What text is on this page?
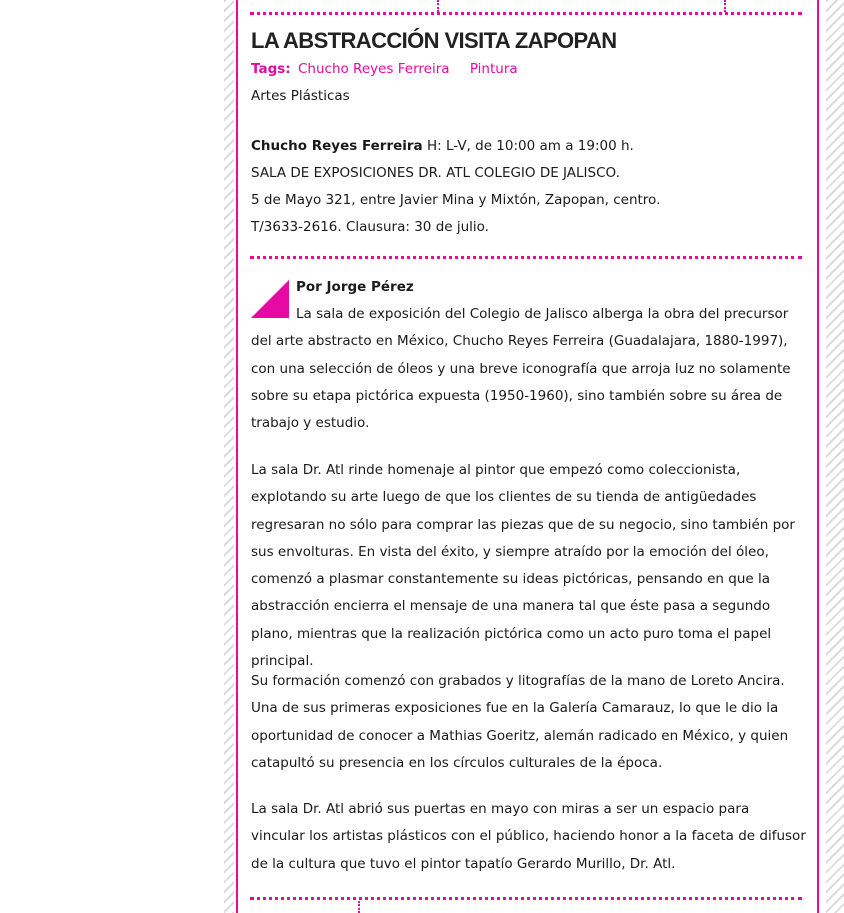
LA ABSTRACCIÓN VISITA ZAPOPAN
Tags: Chucho Reyes Ferreira Pintura
Artes Plásticas
Chucho Reyes Ferreira H: L-V, de 10:00 am a 19:00 h.
SALA DE EXPOSICIONES DR. ATL COLEGIO DE JALISCO.
5 de Mayo 321, entre Javier Mina y Mixtón, Zapopan, centro.
T/3633-2616. Clausura: 30 de julio.
Por Jorge Pérez

La sala de exposición del Colegio de Jalisco alberga la obra del precursor del arte abstracto en México, Chucho Reyes Ferreira (Guadalajara, 1880-1997), con una selección de óleos y una breve iconografía que arroja luz no solamente sobre su etapa pictórica expuesta (1950-1960), sino también sobre su área de trabajo y estudio.

La sala Dr. Atl rinde homenaje al pintor que empezó como coleccionista, explotando su arte luego de que los clientes de su tienda de antigüedades regresaran no sólo para comprar las piezas que de su negocio, sino también por sus envolturas. En vista del éxito, y siempre atraído por la emoción del óleo, comenzó a plasmar constantemente su ideas pictóricas, pensando en que la abstracción encierra el mensaje de una manera tal que éste pasa a segundo plano, mientras que la realización pictórica como un acto puro toma el papel principal.

Su formación comenzó con grabados y litografías de la mano de Loreto Ancira. Una de sus primeras exposiciones fue en la Galería Camarauz, lo que le dio la oportunidad de conocer a Mathias Goeritz, alemán radicado en México, y quien catapultó su presencia en los círculos culturales de la época.

La sala Dr. Atl abrió sus puertas en mayo con miras a ser un espacio para vincular los artistas plásticos con el público, haciendo honor a la faceta de difusor de la cultura que tuvo el pintor tapatío Gerardo Murillo, Dr. Atl.
